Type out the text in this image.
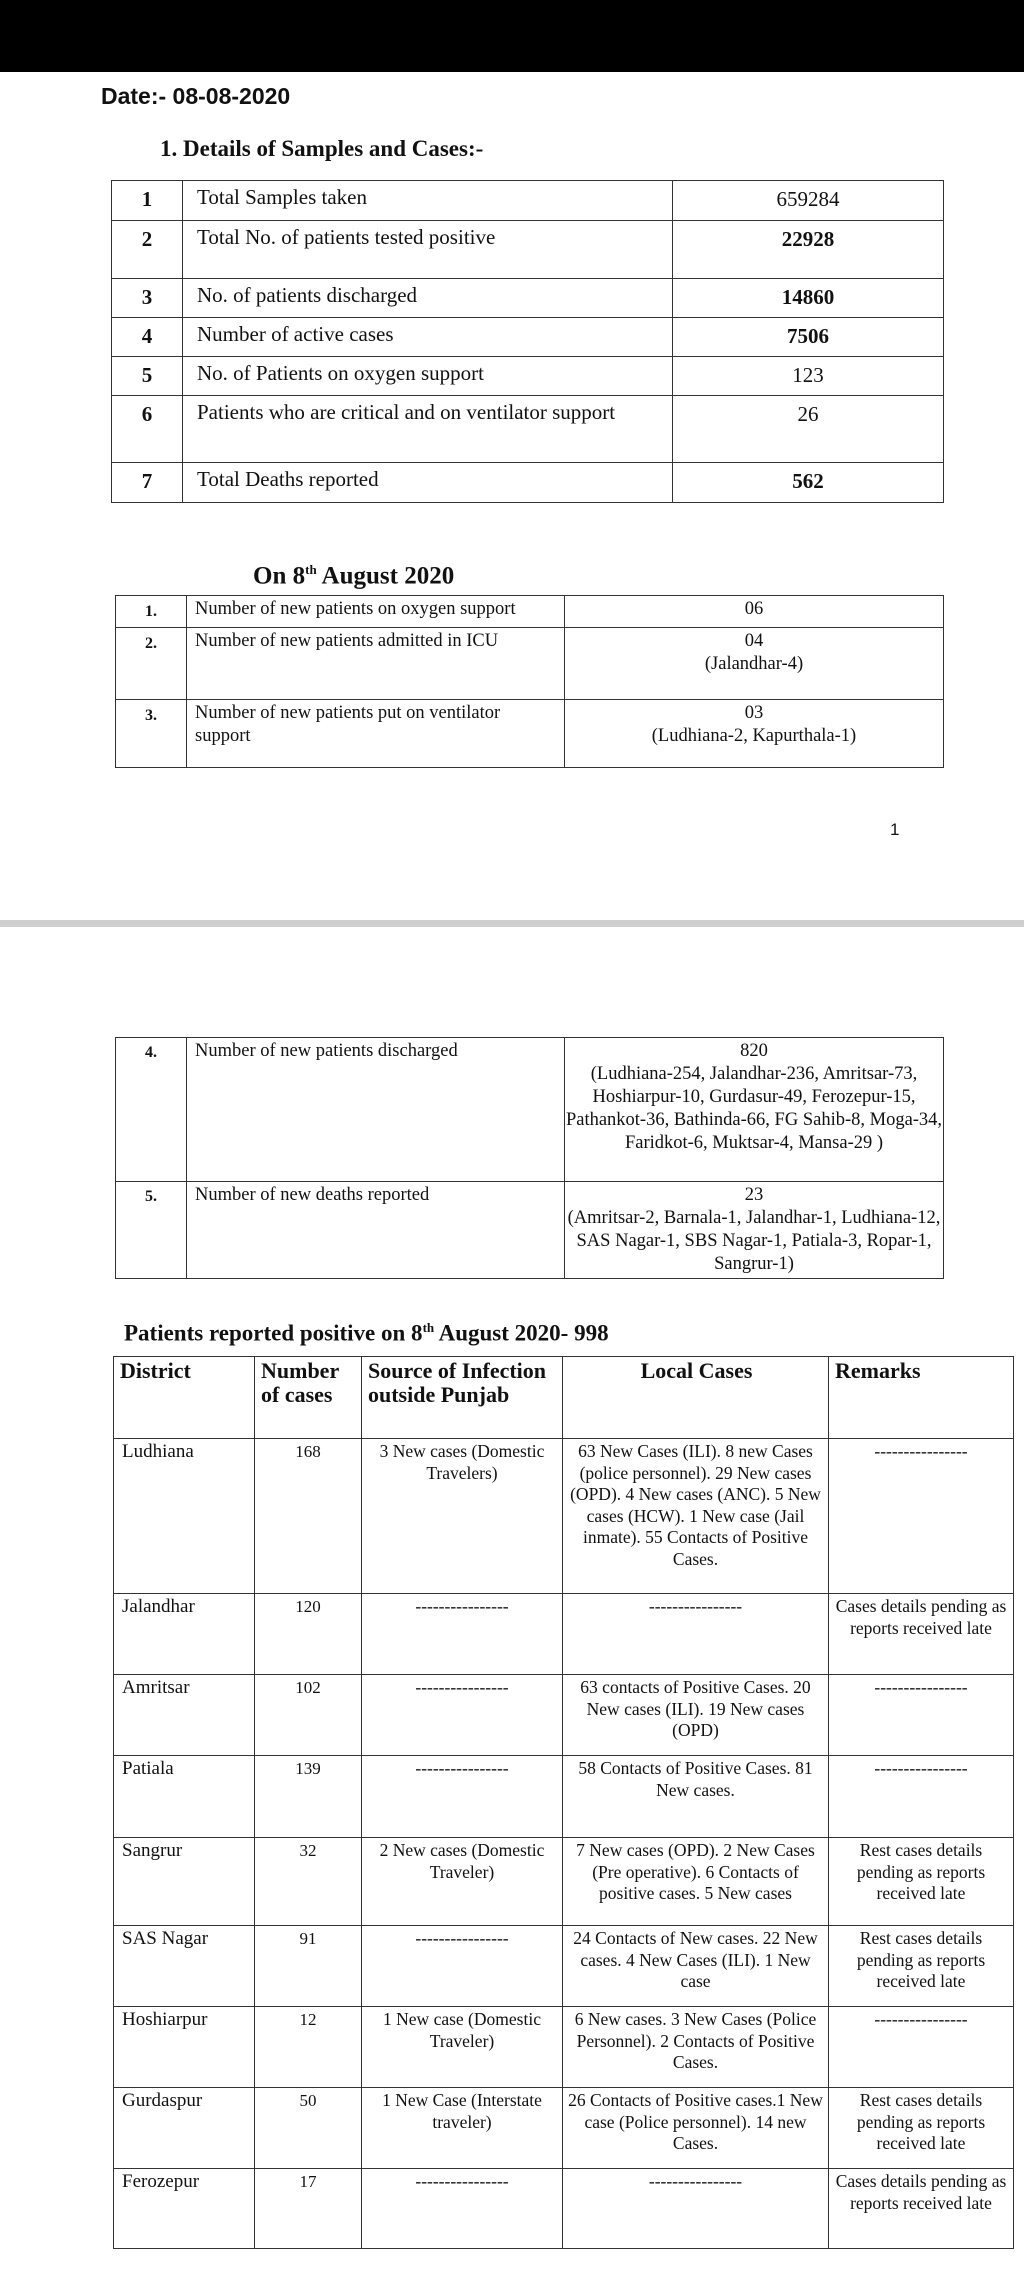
Date:- 08-08-2020
1. Details of Samples and Cases:-
1	Total Samples taken	659284
2	Total No. of patients tested positive	22928
3	No. of patients discharged	14860
4	Number of active cases	7506
5	No. of Patients on oxygen support	123
6	Patients who are critical and on ventilator support	26
7	Total Deaths reported	562
On 8th August 2020
1.	Number of new patients on oxygen support	06

2.	Number of new patients admitted in ICU	04
(Jalandhar-4)

3.	Number of new patients put on ventilator support	03
(Ludhiana-2, Kapurthala-1)
1
4.	Number of new patients discharged	820
(Ludhiana-254, Jalandhar-236, Amritsar-73, Hoshiarpur-10, Gurdasur-49, Ferozepur-15, Pathankot-36, Bathinda-66, FG Sahib-8, Moga-34, Faridkot-6, Muktsar-4, Mansa-29 )

5.	Number of new deaths reported	23
(Amritsar-2, Barnala-1, Jalandhar-1, Ludhiana-12, SAS Nagar-1, SBS Nagar-1, Patiala-3, Ropar-1, Sangrur-1)
Patients reported positive on 8th August 2020- 998
District	Number of cases	Source of Infection outside Punjab	Local Cases	Remarks
Ludhiana	168	3 New cases (Domestic Travelers)	63 New Cases (ILI). 8 new Cases (police personnel). 29 New cases (OPD). 4 New cases (ANC). 5 New cases (HCW). 1 New case (Jail inmate). 55 Contacts of Positive Cases.	----------------
Jalandhar	120	----------------	----------------	Cases details pending as reports received late
Amritsar	102	----------------	63 contacts of Positive Cases. 20 New cases (ILI). 19 New cases (OPD)	----------------
Patiala	139	----------------	58 Contacts of Positive Cases. 81 New cases.	----------------
Sangrur	32	2 New cases (Domestic Traveler)	7 New cases (OPD). 2 New Cases (Pre operative). 6 Contacts of positive cases. 5 New cases	Rest cases details pending as reports received late
SAS Nagar	91	----------------	24 Contacts of New cases. 22 New cases. 4 New Cases (ILI). 1 New case	Rest cases details pending as reports received late
Hoshiarpur	12	1 New case (Domestic Traveler)	6 New cases. 3 New Cases (Police Personnel). 2 Contacts of Positive Cases.	----------------
Gurdaspur	50	1 New Case (Interstate traveler)	26 Contacts of Positive cases.1 New case (Police personnel). 14 new Cases.	Rest cases details pending as reports received late
Ferozepur	17	----------------	----------------	Cases details pending as reports received late
